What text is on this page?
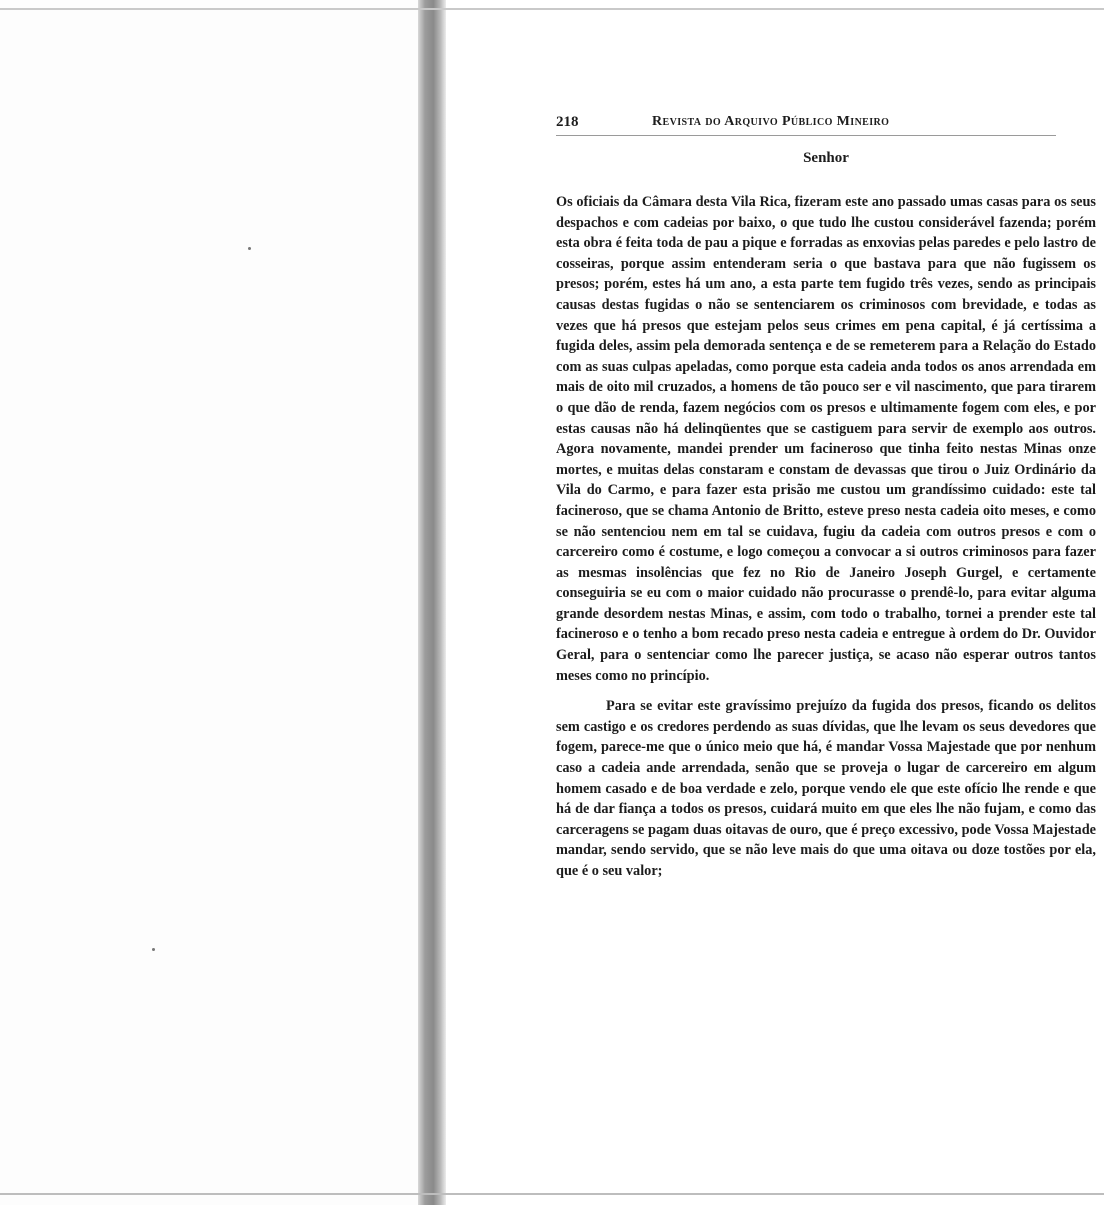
218	Revista do Arquivo Público Mineiro
Senhor

Os oficiais da Câmara desta Vila Rica, fizeram este ano passado umas casas para os seus despachos e com cadeias por baixo, o que tudo lhe custou considerável fazenda; porém esta obra é feita toda de pau a pique e forradas as enxovias pelas paredes e pelo lastro de cosseiras, porque assim entenderam seria o que bastava para que não fugissem os presos; porém, estes há um ano, a esta parte tem fugido três vezes, sendo as principais causas destas fugidas o não se sentenciarem os criminosos com brevidade, e todas as vezes que há presos que estejam pelos seus crimes em pena capital, é já certíssima a fugida deles, assim pela demorada sentença e de se remeterem para a Relação do Estado com as suas culpas apeladas, como porque esta cadeia anda todos os anos arrendada em mais de oito mil cruzados, a homens de tão pouco ser e vil nascimento, que para tirarem o que dão de renda, fazem negócios com os presos e ultimamente fogem com eles, e por estas causas não há delinqüentes que se castiguem para servir de exemplo aos outros. Agora novamente, mandei prender um facineroso que tinha feito nestas Minas onze mortes, e muitas delas constaram e constam de devassas que tirou o Juiz Ordinário da Vila do Carmo, e para fazer esta prisão me custou um grandíssimo cuidado: este tal facineroso, que se chama Antonio de Britto, esteve preso nesta cadeia oito meses, e como se não sentenciou nem em tal se cuidava, fugiu da cadeia com outros presos e com o carcereiro como é costume, e logo começou a convocar a si outros criminosos para fazer as mesmas insolências que fez no Rio de Janeiro Joseph Gurgel, e certamente conseguiria se eu com o maior cuidado não procurasse o prendê-lo, para evitar alguma grande desordem nestas Minas, e assim, com todo o trabalho, tornei a prender este tal facineroso e o tenho a bom recado preso nesta cadeia e entregue à ordem do Dr. Ouvidor Geral, para o sentenciar como lhe parecer justiça, se acaso não esperar outros tantos meses como no princípio.

Para se evitar este gravíssimo prejuízo da fugida dos presos, ficando os delitos sem castigo e os credores perdendo as suas dívidas, que lhe levam os seus devedores que fogem, parece-me que o único meio que há, é mandar Vossa Majestade que por nenhum caso a cadeia ande arrendada, senão que se proveja o lugar de carcereiro em algum homem casado e de boa verdade e zelo, porque vendo ele que este ofício lhe rende e que há de dar fiança a todos os presos, cuidará muito em que eles lhe não fujam, e como das carceragens se pagam duas oitavas de ouro, que é preço excessivo, pode Vossa Majestade mandar, sendo servido, que se não leve mais do que uma oitava ou doze tostões por ela, que é o seu valor;
